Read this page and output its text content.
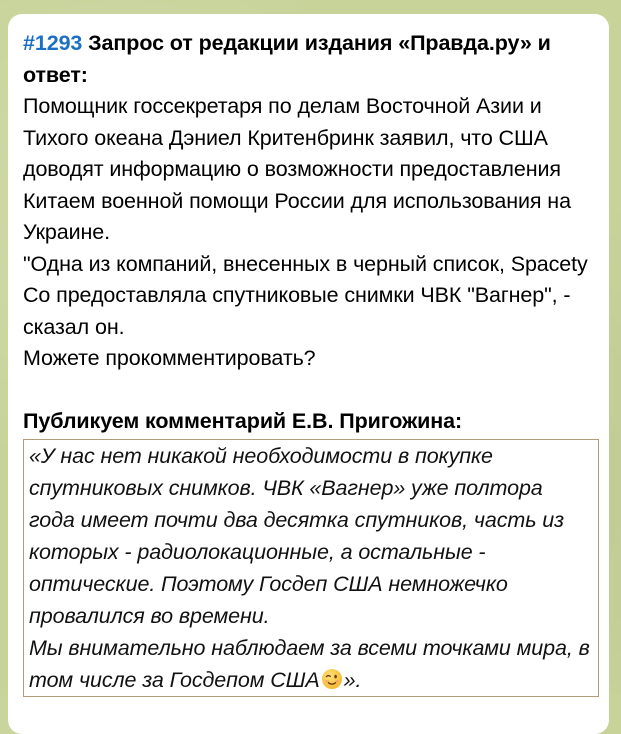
#1293 Запрос от редакции издания «Правда.ру» и ответ:

Помощник госсекретаря по делам Восточной Азии и Тихого океана Дэниел Критенбринк заявил, что США доводят информацию о возможности предоставления Китаем военной помощи России для использования на Украине.

"Одна из компаний, внесенных в черный список, Spacety Co предоставляла спутниковые снимки ЧВК "Вагнер", - сказал он.

Можете прокомментировать?

Публикуем комментарий Е.В. Пригожина:

«У нас нет никакой необходимости в покупке спутниковых снимков. ЧВК «Вагнер» уже полтора года имеет почти два десятка спутников, часть из которых - радиолокационные, а остальные - оптические. Поэтому Госдеп США немножечко провалился во времени.

Мы внимательно наблюдаем за всеми точками мира, в том числе за Госдепом США ».
